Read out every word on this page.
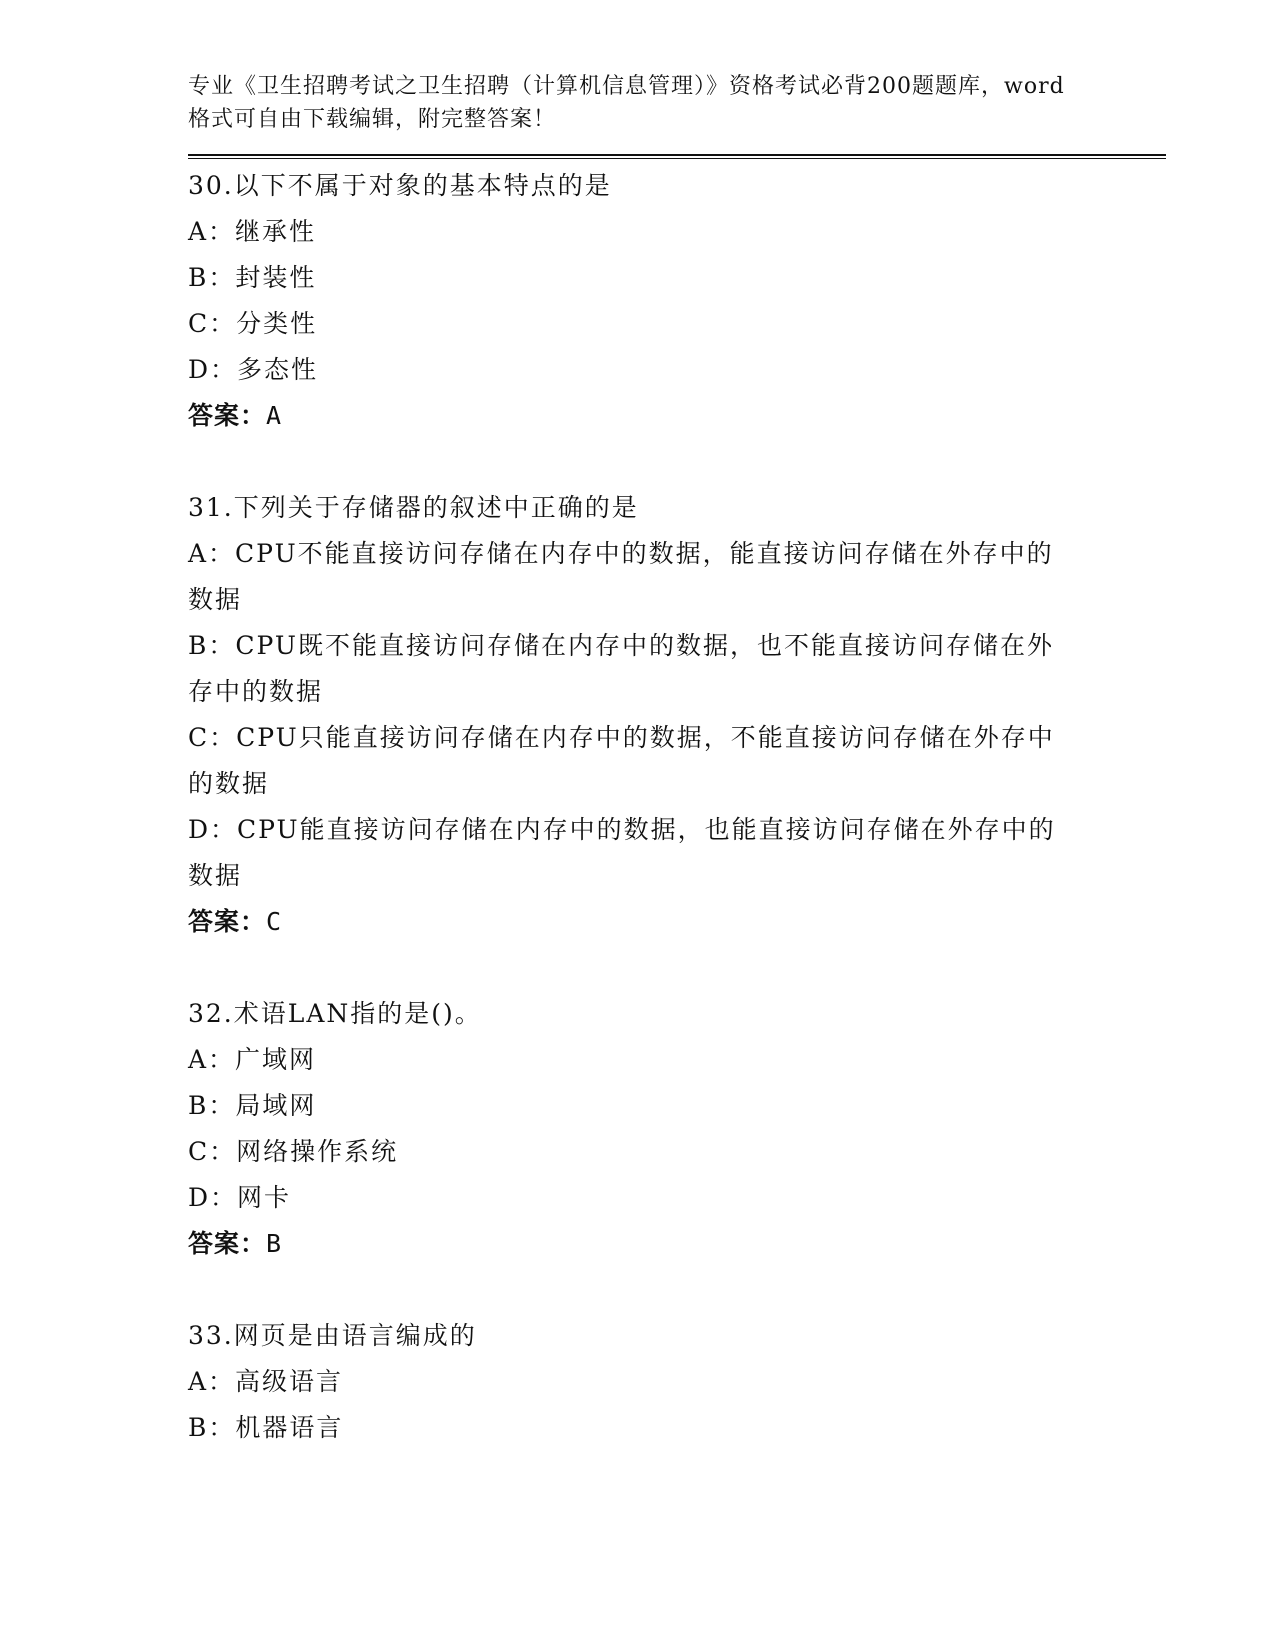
专业《卫生招聘考试之卫生招聘（计算机信息管理）》资格考试必背200题题库，word格式可自由下载编辑，附完整答案！
30.以下不属于对象的基本特点的是
A：继承性
B：封装性
C：分类性
D：多态性
答案：A
31.下列关于存储器的叙述中正确的是
A：CPU不能直接访问存储在内存中的数据，能直接访问存储在外存中的数据
B：CPU既不能直接访问存储在内存中的数据，也不能直接访问存储在外存中的数据
C：CPU只能直接访问存储在内存中的数据，不能直接访问存储在外存中的数据
D：CPU能直接访问存储在内存中的数据，也能直接访问存储在外存中的数据
答案：C
32.术语LAN指的是()。
A：广域网
B：局域网
C：网络操作系统
D：网卡
答案：B
33.网页是由语言编成的
A：高级语言
B：机器语言
